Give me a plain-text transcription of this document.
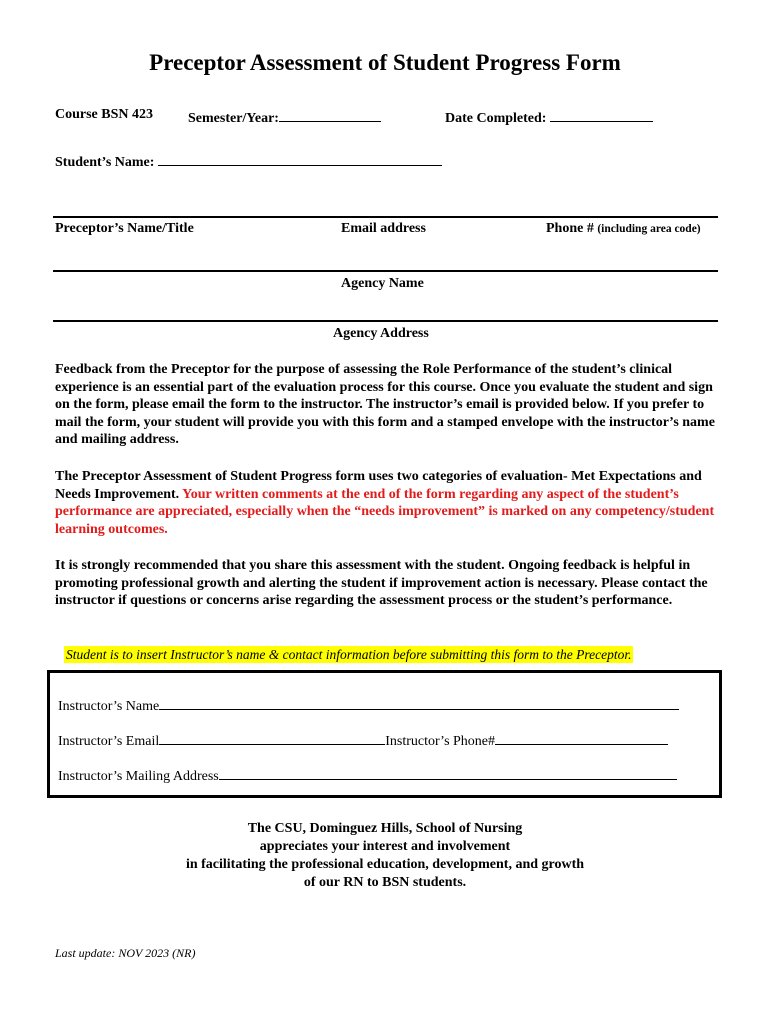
Preceptor Assessment of Student Progress Form
Course BSN 423 Semester/Year:	Date Completed:
Student’s Name:
Preceptor’s Name/Title	Email address	Phone # (including area code)
Agency Name
Agency Address
Feedback from the Preceptor for the purpose of assessing the Role Performance of the student’s clinical experience is an essential part of the evaluation process for this course. Once you evaluate the student and sign on the form, please email the form to the instructor. The instructor’s email is provided below. If you prefer to mail the form, your student will provide you with this form and a stamped envelope with the instructor’s name and mailing address.
The Preceptor Assessment of Student Progress form uses two categories of evaluation- Met Expectations and Needs Improvement. Your written comments at the end of the form regarding any aspect of the student’s performance are appreciated, especially when the “needs improvement” is marked on any competency/student learning outcomes.
It is strongly recommended that you share this assessment with the student. Ongoing feedback is helpful in promoting professional growth and alerting the student if improvement action is necessary. Please contact the instructor if questions or concerns arise regarding the assessment process or the student’s performance.
Student is to insert Instructor’s name & contact information before submitting this form to the Preceptor.
Instructor’s Name
Instructor’s Email	Instructor’s Phone#
Instructor’s Mailing Address
The CSU, Dominguez Hills, School of Nursing
appreciates your interest and involvement
in facilitating the professional education, development, and growth
of our RN to BSN students.
Last update: NOV 2023 (NR)
